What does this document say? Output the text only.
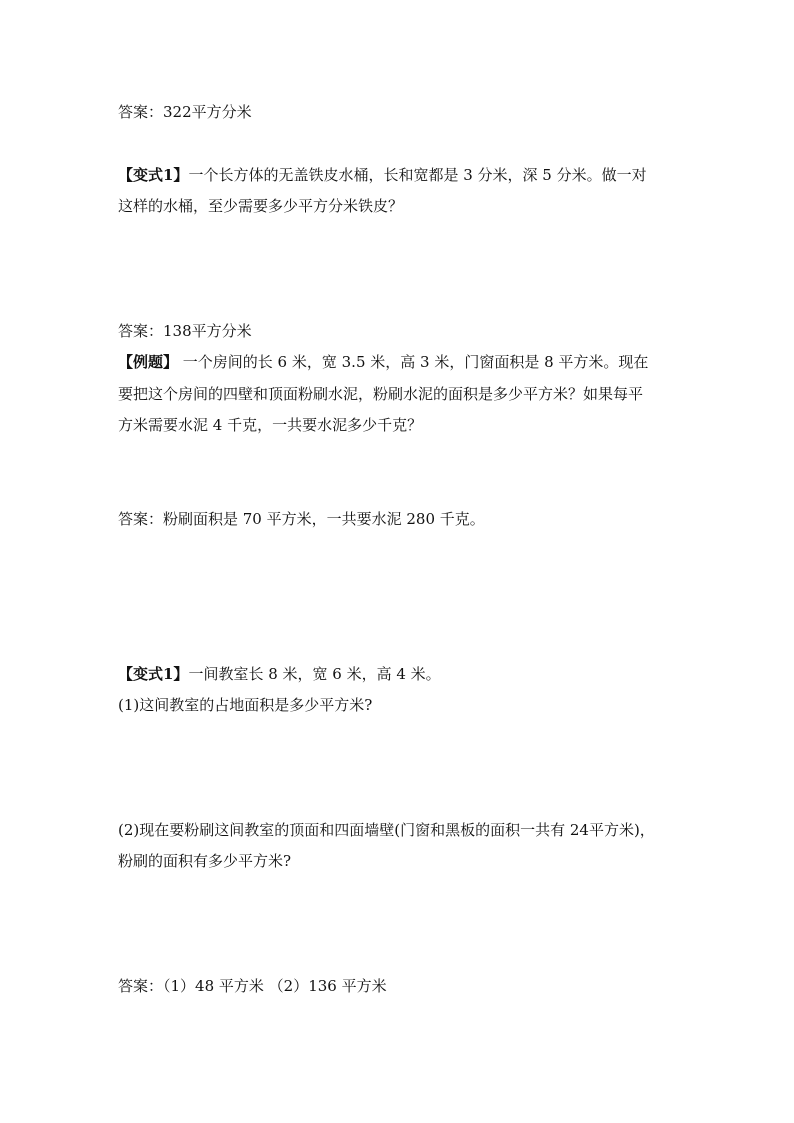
答案：322平方分米
【变式1】一个长方体的无盖铁皮水桶，长和宽都是 3 分米，深 5 分米。做一对
这样的水桶，至少需要多少平方分米铁皮？
答案：138平方分米
【例题】 一个房间的长 6 米，宽 3.5 米，高 3 米，门窗面积是 8 平方米。现在
要把这个房间的四壁和顶面粉刷水泥，粉刷水泥的面积是多少平方米？如果每平
方米需要水泥 4 千克，一共要水泥多少千克？
答案：粉刷面积是 70 平方米，一共要水泥 280 千克。
【变式1】一间教室长 8 米，宽 6 米，高 4 米。
(1)这间教室的占地面积是多少平方米?
(2)现在要粉刷这间教室的顶面和四面墙壁(门窗和黑板的面积一共有 24平方米)，
粉刷的面积有多少平方米?
答案：（1）48 平方米 （2）136 平方米
